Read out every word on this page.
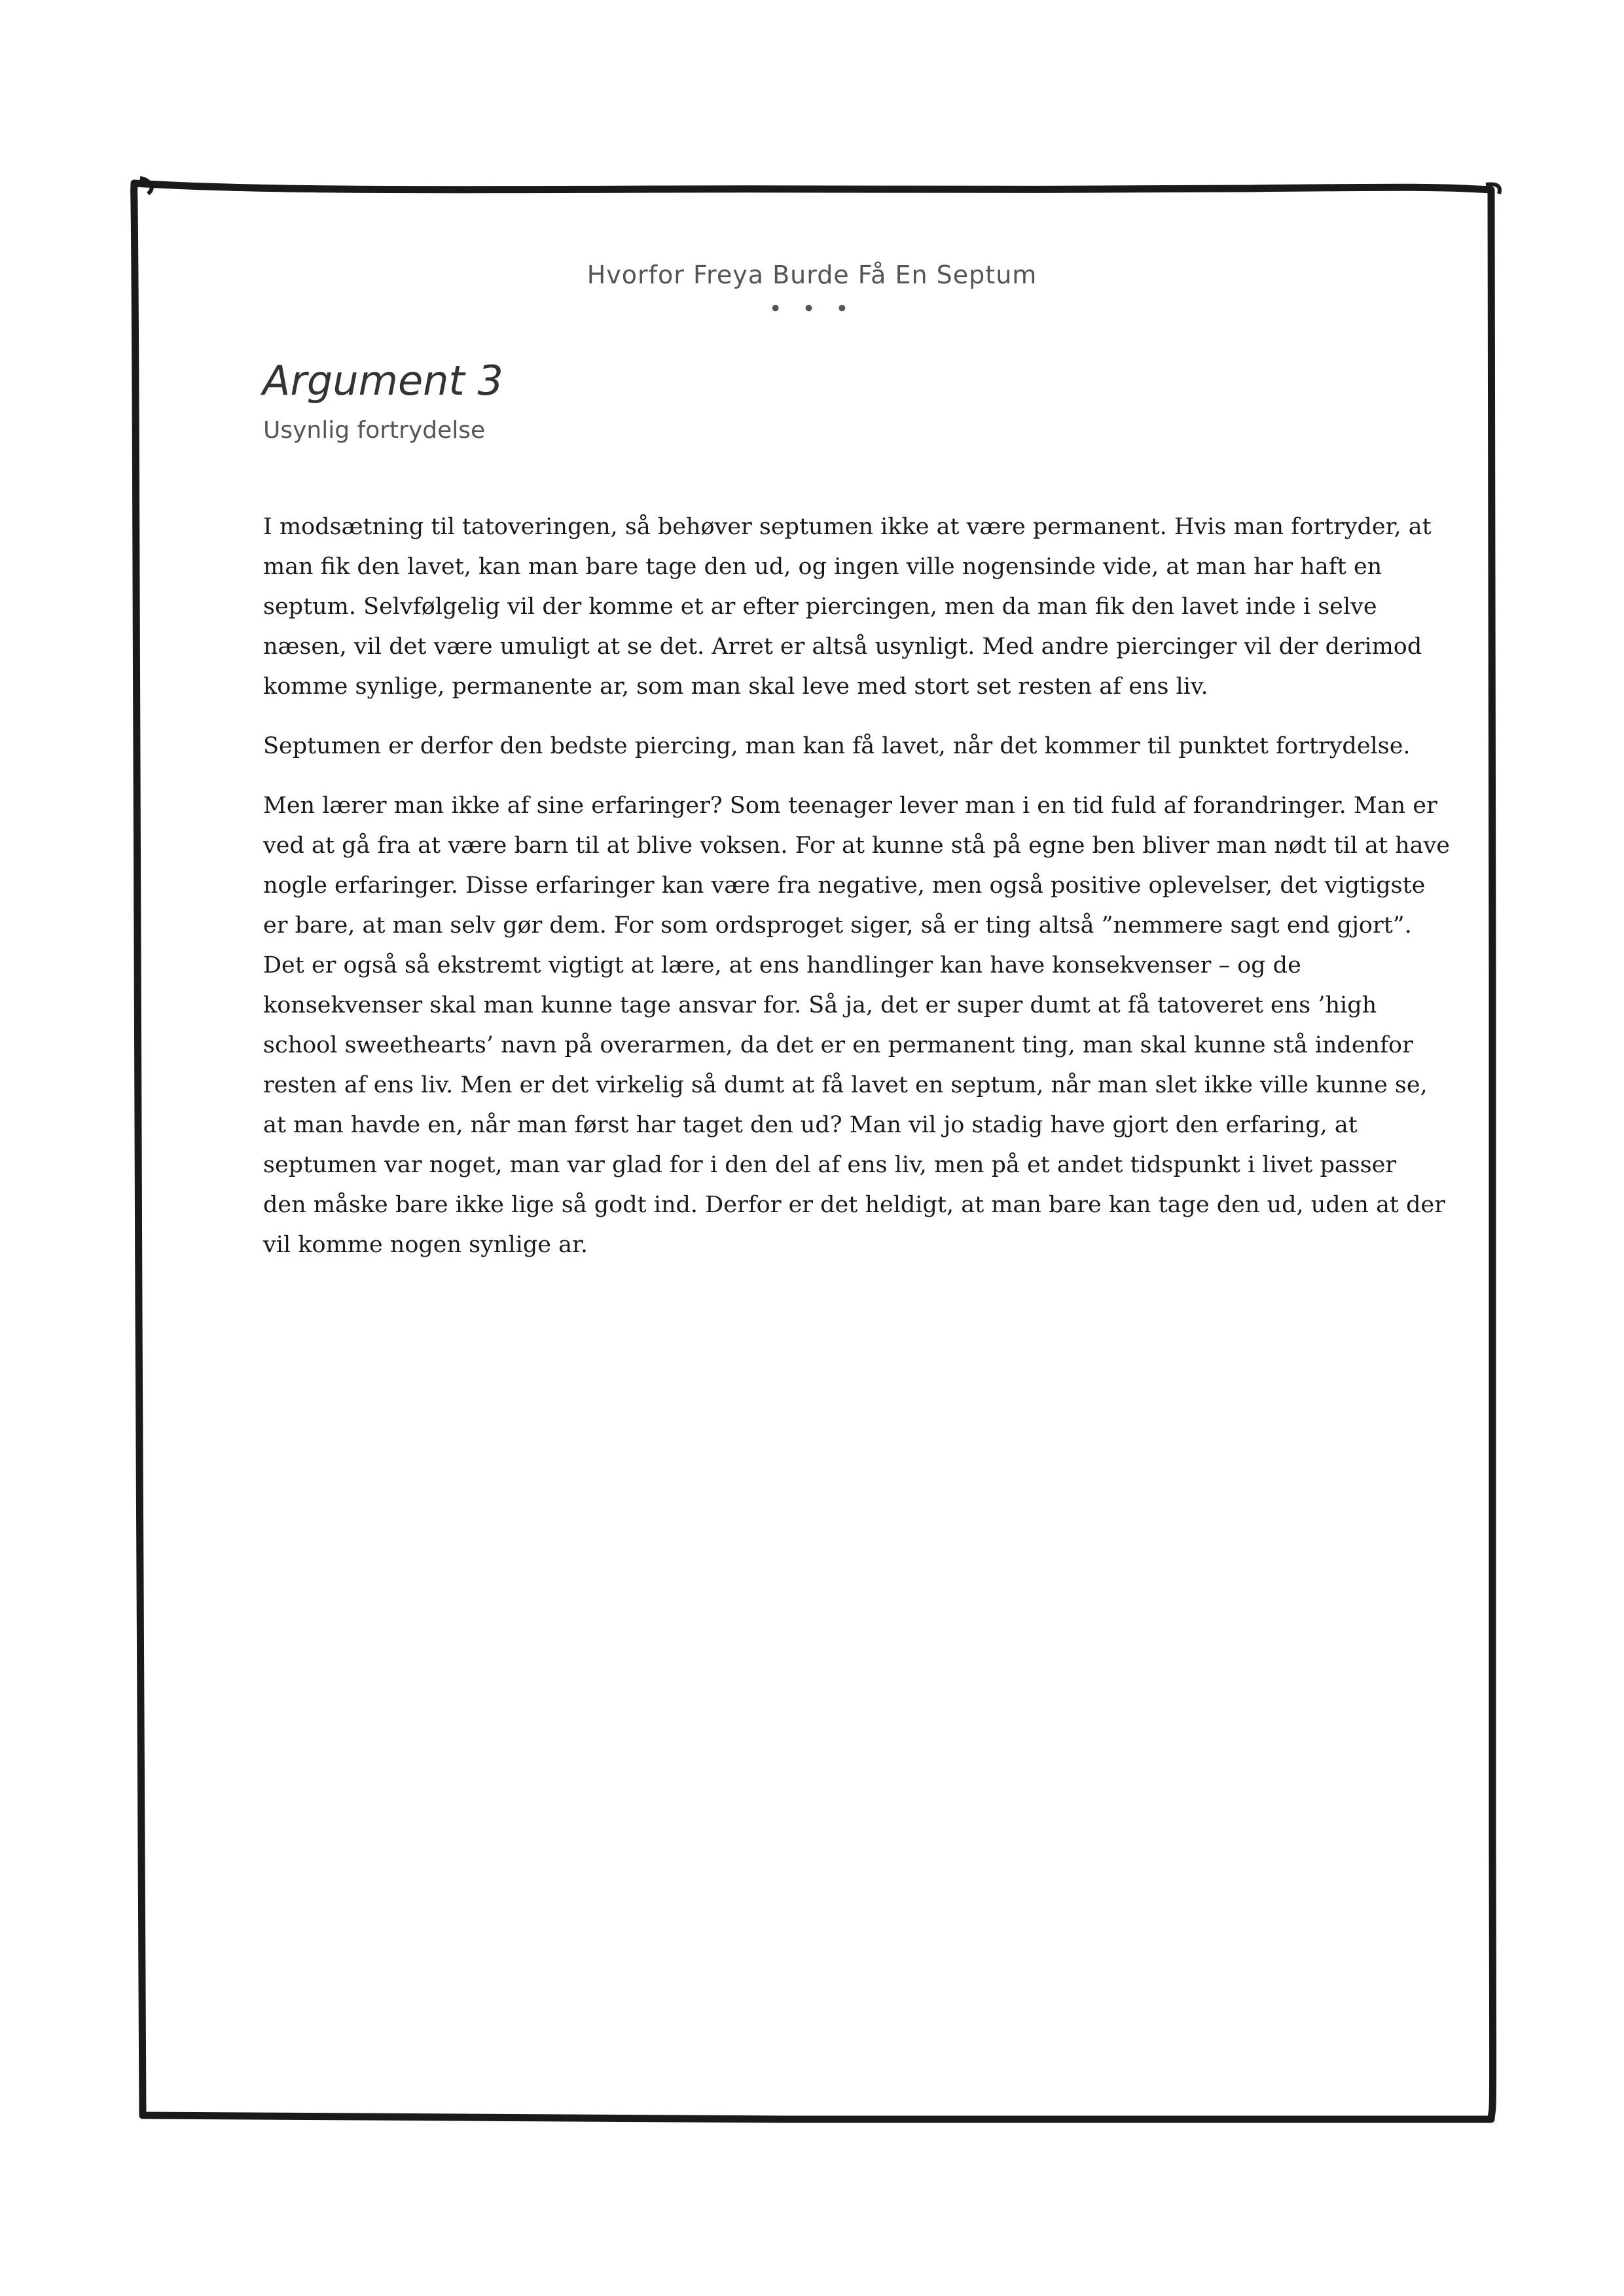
Hvorfor Freya Burde Få En Septum
• • •
Argument 3
Usynlig fortrydelse

I modsætning til tatoveringen, så behøver septumen ikke at være permanent. Hvis man fortryder, at
man fik den lavet, kan man bare tage den ud, og ingen ville nogensinde vide, at man har haft en
septum. Selvfølgelig vil der komme et ar efter piercingen, men da man fik den lavet inde i selve
næsen, vil det være umuligt at se det. Arret er altså usynligt. Med andre piercinger vil der derimod
komme synlige, permanente ar, som man skal leve med stort set resten af ens liv.

Septumen er derfor den bedste piercing, man kan få lavet, når det kommer til punktet fortrydelse.

Men lærer man ikke af sine erfaringer? Som teenager lever man i en tid fuld af forandringer. Man er
ved at gå fra at være barn til at blive voksen. For at kunne stå på egne ben bliver man nødt til at have
nogle erfaringer. Disse erfaringer kan være fra negative, men også positive oplevelser, det vigtigste
er bare, at man selv gør dem. For som ordsproget siger, så er ting altså ”nemmere sagt end gjort”.
Det er også så ekstremt vigtigt at lære, at ens handlinger kan have konsekvenser – og de
konsekvenser skal man kunne tage ansvar for. Så ja, det er super dumt at få tatoveret ens ’high
school sweethearts’ navn på overarmen, da det er en permanent ting, man skal kunne stå indenfor
resten af ens liv. Men er det virkelig så dumt at få lavet en septum, når man slet ikke ville kunne se,
at man havde en, når man først har taget den ud? Man vil jo stadig have gjort den erfaring, at
septumen var noget, man var glad for i den del af ens liv, men på et andet tidspunkt i livet passer
den måske bare ikke lige så godt ind. Derfor er det heldigt, at man bare kan tage den ud, uden at der
vil komme nogen synlige ar.
